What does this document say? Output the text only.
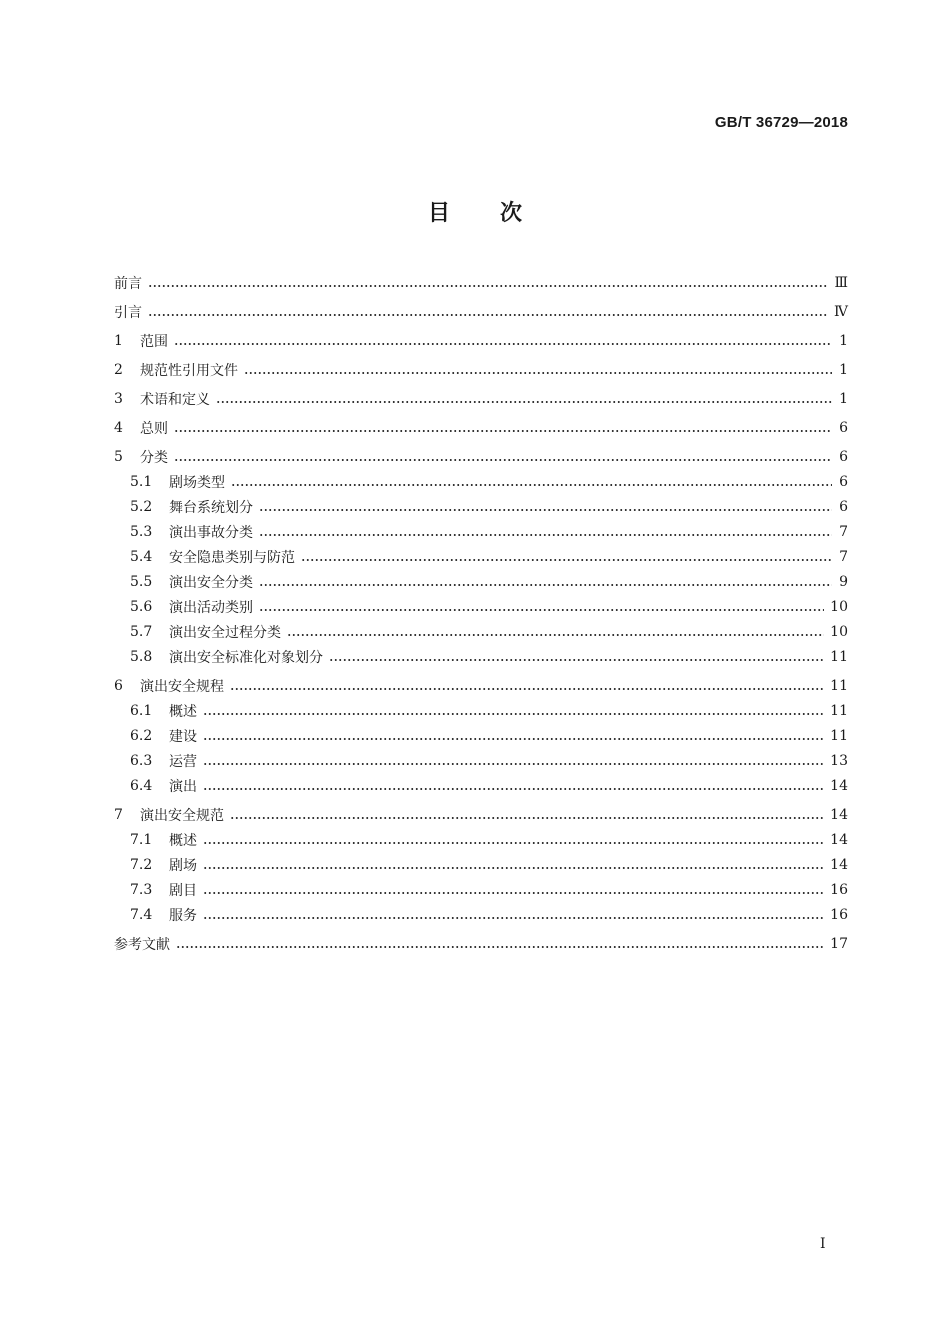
GB/T 36729—2018
目次
前言	Ⅲ
引言	Ⅳ
1	范围	1
2	规范性引用文件	1
3	术语和定义	1
4	总则	6
5	分类	6
5.1	剧场类型	6
5.2	舞台系统划分	6
5.3	演出事故分类	7
5.4	安全隐患类别与防范	7
5.5	演出安全分类	9
5.6	演出活动类别	10
5.7	演出安全过程分类	10
5.8	演出安全标准化对象划分	11
6	演出安全规程	11
6.1	概述	11
6.2	建设	11
6.3	运营	13
6.4	演出	14
7	演出安全规范	14
7.1	概述	14
7.2	剧场	14
7.3	剧目	16
7.4	服务	16
参考文献	17
Ⅰ
